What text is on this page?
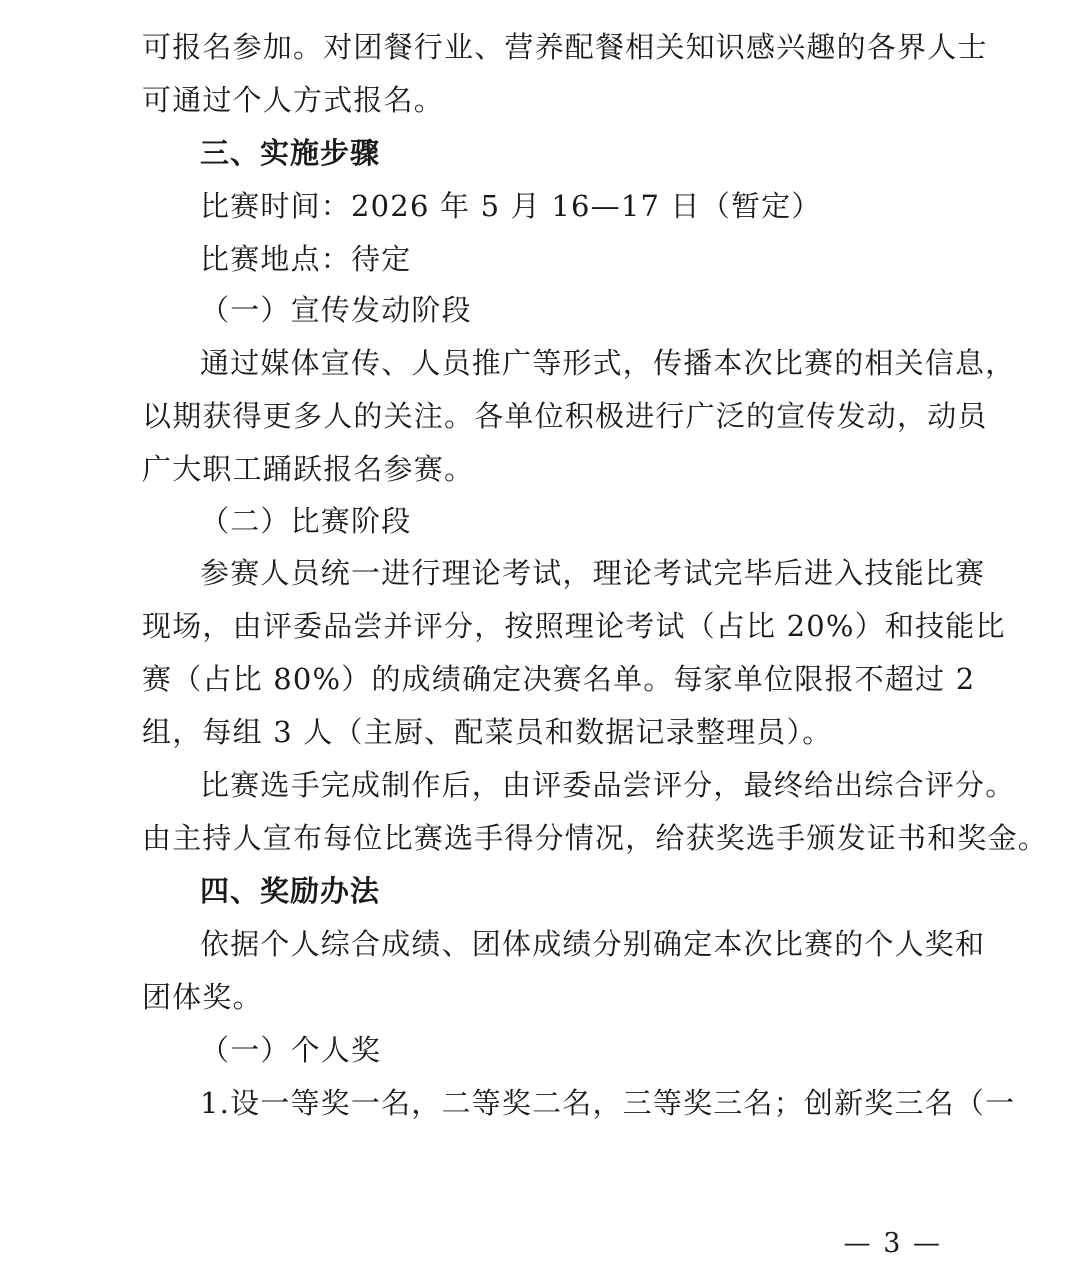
可报名参加。对团餐行业、营养配餐相关知识感兴趣的各界人士
可通过个人方式报名。
三、实施步骤
比赛时间：2026 年 5 月 16—17 日（暂定）
比赛地点：待定
（一）宣传发动阶段
通过媒体宣传、人员推广等形式，传播本次比赛的相关信息，
以期获得更多人的关注。各单位积极进行广泛的宣传发动，动员
广大职工踊跃报名参赛。
（二）比赛阶段
参赛人员统一进行理论考试，理论考试完毕后进入技能比赛
现场，由评委品尝并评分，按照理论考试（占比 20%）和技能比
赛（占比 80%）的成绩确定决赛名单。每家单位限报不超过 2
组，每组 3 人（主厨、配菜员和数据记录整理员）。
比赛选手完成制作后，由评委品尝评分，最终给出综合评分。
由主持人宣布每位比赛选手得分情况，给获奖选手颁发证书和奖金。
四、奖励办法
依据个人综合成绩、团体成绩分别确定本次比赛的个人奖和
团体奖。
（一）个人奖
1.设一等奖一名，二等奖二名，三等奖三名；创新奖三名（一
— 3 —
